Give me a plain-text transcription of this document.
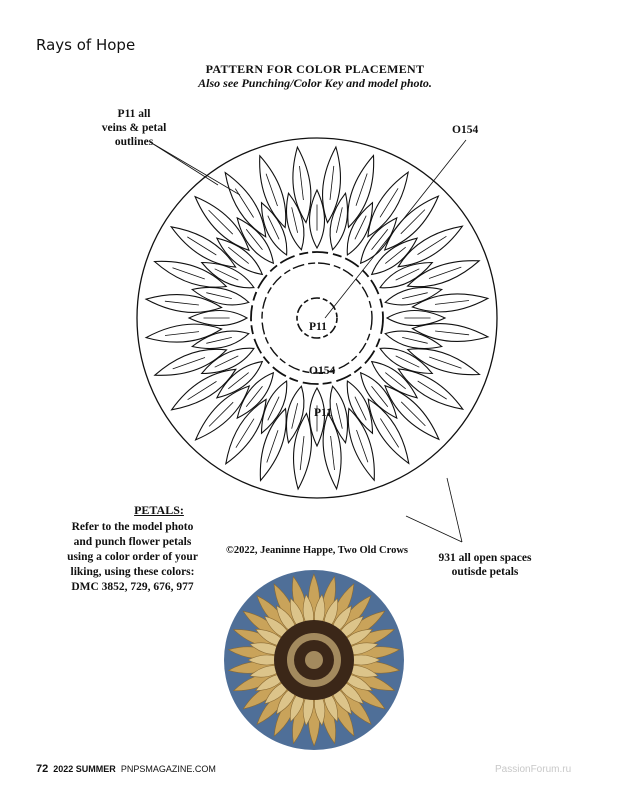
Rays of Hope
PATTERN FOR COLOR PLACEMENT
Also see Punching/Color Key and model photo.
P11 all
veins & petal
outlines
O154
P11
O154
P11
931 all open spaces
outisde petals
©2022, Jeaninne Happe, Two Old Crows
PETALS:
Refer to the model photo
and punch flower petals
using a color order of your
liking, using these colors:
DMC 3852, 729, 676, 977
72 2022 SUMMER PNPSMAGAZINE.COM	PassionForum.ru
